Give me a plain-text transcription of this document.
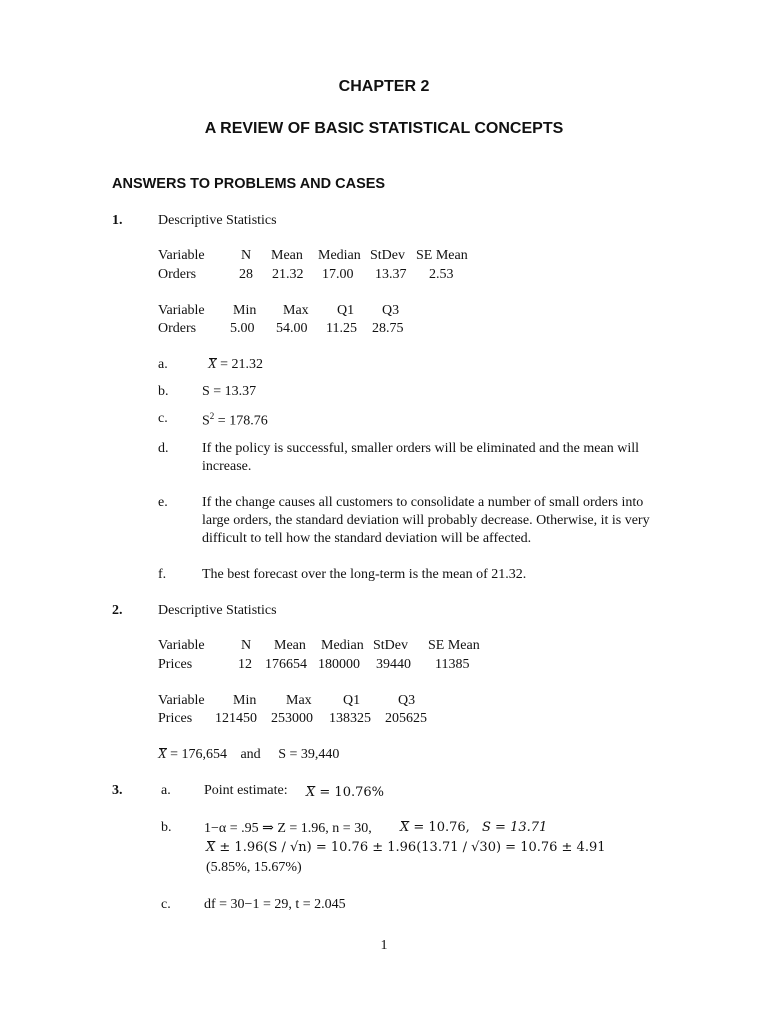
CHAPTER 2
A REVIEW OF BASIC STATISTICAL CONCEPTS
ANSWERS TO PROBLEMS AND CASES
1.	Descriptive Statistics
Variable	N Mean Median StDev SE Mean
Orders	28 21.32 17.00 13.37 2.53
Variable Min Max Q1 Q3
Orders 5.00 54.00 11.25 28.75
a.	X = 21.32
b. S = 13.37
c. $S^2 = 178.76$
d. If the policy is successful, smaller orders will be eliminated and the mean will
increase.
e. If the change causes all customers to consolidate a number of small orders into
large orders, the standard deviation will probably decrease. Otherwise, it is very
difficult to tell how the standard deviation will be affected.
f.	The best forecast over the long-term is the mean of 21.32.
2.	Descriptive Statistics
Variable	N Mean Median StDev SE Mean
Prices	12 176654 180000 39440 11385
Variable Min Max Q1	Q3
Prices 121450 253000 138325 205625
X = 176,654 and S = 39,440
3.	a. Point estimate: X = 10.76%
b. 1−α = .95 ⇒ Z = 1.96, n = 30, X = 10.76, S = 13.71
X ± 1.96(S / √n) = 10.76 ± 1.96(13.71 / √30) = 10.76 ± 4.91
(5.85%, 15.67%)
c. df = 30−1 = 29, t = 2.045
1
